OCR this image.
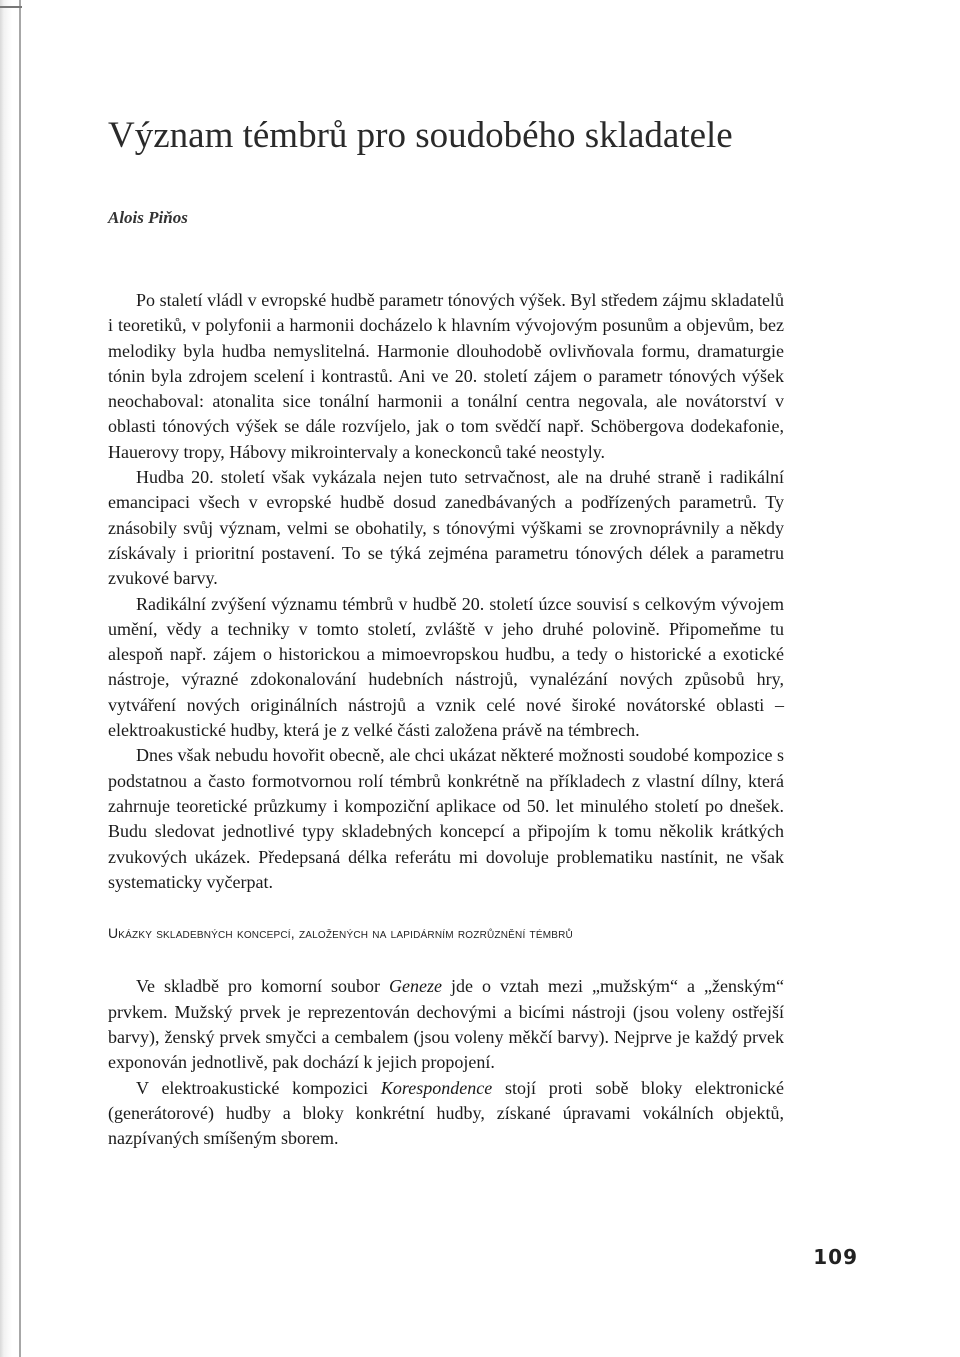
Význam témbrů pro soudobého skladatele

Alois Piňos

Po staletí vládl v evropské hudbě parametr tónových výšek. Byl středem zájmu skladatelů i teoretiků, v polyfonii a harmonii docházelo k hlavním vývojovým posunům a objevům, bez melodiky byla hudba nemyslitelná. Harmonie dlouhodobě ovlivňovala formu, dramaturgie tónin byla zdrojem scelení i kontrastů. Ani ve 20. století zájem o parametr tónových výšek neochaboval: atonalita sice tonální harmonii a tonální centra negovala, ale novátorství v oblasti tónových výšek se dále rozvíjelo, jak o tom svědčí např. Schöbergova dodekafonie, Hauerovy tropy, Hábovy mikrointervaly a koneckonců také neostyly.

Hudba 20. století však vykázala nejen tuto setrvačnost, ale na druhé straně i radikální emancipaci všech v evropské hudbě dosud zanedbávaných a podřízených parametrů. Ty znásobily svůj význam, velmi se obohatily, s tónovými výškami se zrovnoprávnily a někdy získávaly i prioritní postavení. To se týká zejména parametru tónových délek a parametru zvukové barvy.

Radikální zvýšení významu témbrů v hudbě 20. století úzce souvisí s celkovým vývojem umění, vědy a techniky v tomto století, zvláště v jeho druhé polovině. Připomeňme tu alespoň např. zájem o historickou a mimoevropskou hudbu, a tedy o historické a exotické nástroje, výrazné zdokonalování hudebních nástrojů, vynalézání nových způsobů hry, vytváření nových originálních nástrojů a vznik celé nové široké novátorské oblasti – elektroakustické hudby, která je z velké části založena právě na témbrech.

Dnes však nebudu hovořit obecně, ale chci ukázat některé možnosti soudobé kompozice s podstatnou a často formotvornou rolí témbrů konkrétně na příkladech z vlastní dílny, která zahrnuje teoretické průzkumy i kompoziční aplikace od 50. let minulého století po dnešek. Budu sledovat jednotlivé typy skladebných koncepcí a připojím k tomu několik krátkých zvukových ukázek. Předepsaná délka referátu mi dovoluje problematiku nastínit, ne však systematicky vyčerpat.

Ukázky skladebných koncepcí, založených na lapidárním rozrůznění témbrů

Ve skladbě pro komorní soubor Geneze jde o vztah mezi „mužským“ a „ženským“ prvkem. Mužský prvek je reprezentován dechovými a bicími nástroji (jsou voleny ostřejší barvy), ženský prvek smyčci a cembalem (jsou voleny měkčí barvy). Nejprve je každý prvek exponován jednotlivě, pak dochází k jejich propojení.

V elektroakustické kompozici Korespondence stojí proti sobě bloky elektronické (generátorové) hudby a bloky konkrétní hudby, získané úpravami vokálních objektů, nazpívaných smíšeným sborem.

109
